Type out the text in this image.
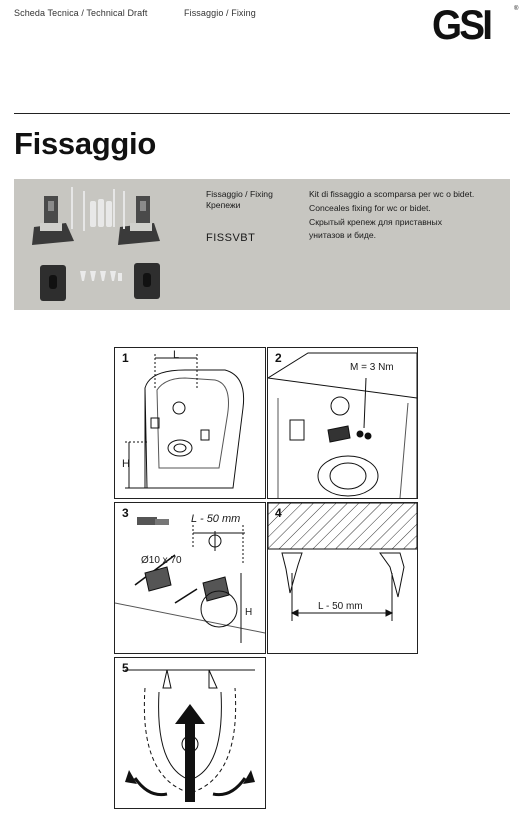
Scheda Tecnica / Technical Draft	Fissaggio / Fixing	GSI	®
Fissaggio
Fissaggio / Fixing
Крепежи
FISSVBT
Kit di fissaggio a scomparsa per wc o bidet.
Conceales fixing for wc or bidet.
Скрытый крепеж для приставных
унитазов и биде.
1	L
H
2
M = 3 Nm
3	L - 50 mm
Ø10 x 70
H
4
L - 50 mm
5
